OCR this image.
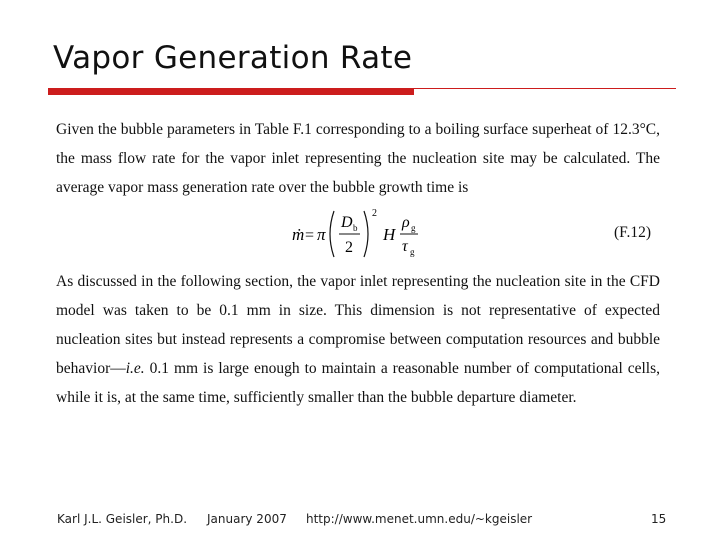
Vapor Generation Rate
Given the bubble parameters in Table F.1 corresponding to a boiling surface superheat of 12.3°C, the mass flow rate for the vapor inlet representing the nucleation site may be calculated. The average vapor mass generation rate over the bubble growth time is
ṁ = π
D b
2
2
H
ρ g
τ g
(F.12)
As discussed in the following section, the vapor inlet representing the nucleation site in the CFD model was taken to be 0.1 mm in size. This dimension is not representative of expected nucleation sites but instead represents a compromise between computation resources and bubble behavior—i.e. 0.1 mm is large enough to maintain a reasonable number of computational cells, while it is, at the same time, sufficiently smaller than the bubble departure diameter.
Karl J.L. Geisler, Ph.D. January 2007 http://www.menet.umn.edu/~kgeisler	15
